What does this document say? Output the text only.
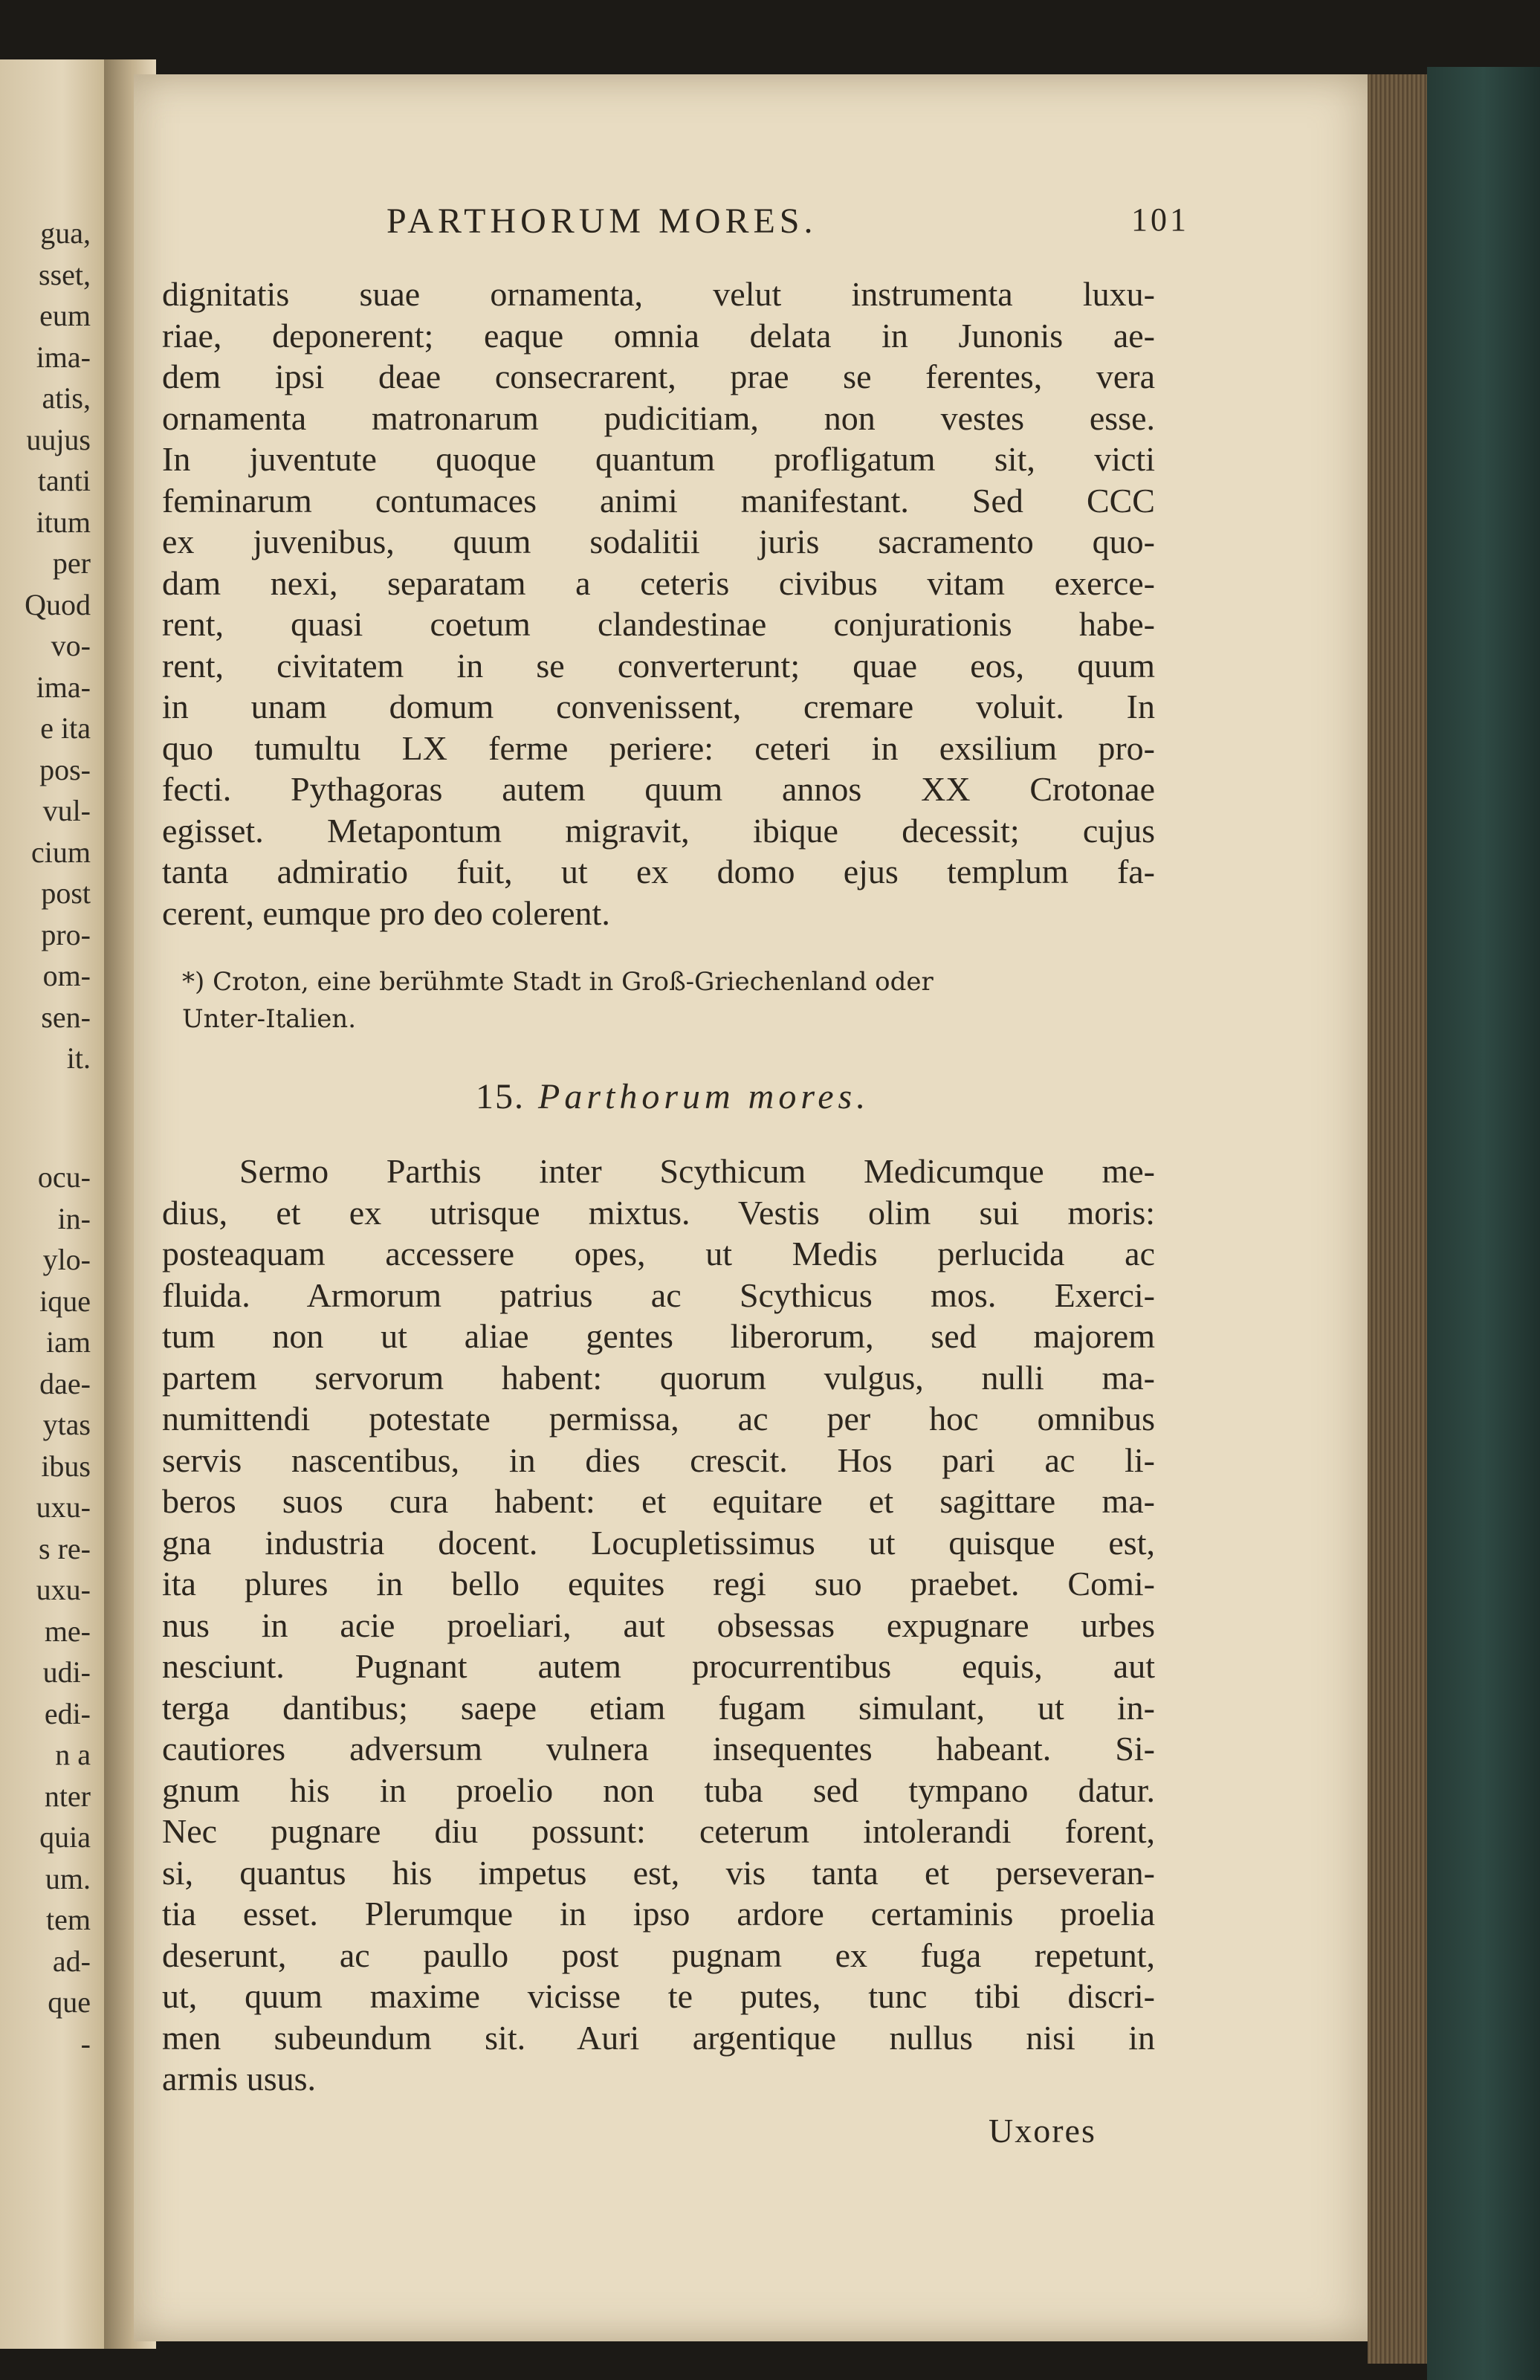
gua,
sset,
eum
ima-
atis,
uujus
tanti
itum
per
Quod
vo-
ima-
e ita
pos-
vul-
cium
post
pro-
om-
sen-
it.
ocu-
in-
ylo-
ique
iam
dae-
ytas
ibus
uxu-
s re-
uxu-
me-
udi-
edi-
n a
nter
quia
um.
tem
ad-
que
-
PARTHORUM MORES.	101
dignitatis suae ornamenta, velut instrumenta luxu-
riae, deponerent; eaque omnia delata in Junonis ae-
dem ipsi deae consecrarent, prae se ferentes, vera
ornamenta matronarum pudicitiam, non vestes esse.
In juventute quoque quantum profligatum sit, victi
feminarum contumaces animi manifestant. Sed CCC
ex juvenibus, quum sodalitii juris sacramento quo-
dam nexi, separatam a ceteris civibus vitam exerce-
rent, quasi coetum clandestinae conjurationis habe-
rent, civitatem in se converterunt; quae eos, quum
in unam domum convenissent, cremare voluit. In
quo tumultu LX ferme periere: ceteri in exsilium pro-
fecti. Pythagoras autem quum annos XX Crotonae
egisset. Metapontum migravit, ibique decessit; cujus
tanta admiratio fuit, ut ex domo ejus templum fa-
cerent, eumque pro deo colerent.
*) Croton, eine berühmte Stadt in Groß-Griechenland oder
Unter-Italien.
15. Parthorum mores.
Sermo Parthis inter Scythicum Medicumque me-
dius, et ex utrisque mixtus. Vestis olim sui moris:
posteaquam accessere opes, ut Medis perlucida ac
fluida. Armorum patrius ac Scythicus mos. Exerci-
tum non ut aliae gentes liberorum, sed majorem
partem servorum habent: quorum vulgus, nulli ma-
numittendi potestate permissa, ac per hoc omnibus
servis nascentibus, in dies crescit. Hos pari ac li-
beros suos cura habent: et equitare et sagittare ma-
gna industria docent. Locupletissimus ut quisque est,
ita plures in bello equites regi suo praebet. Comi-
nus in acie proeliari, aut obsessas expugnare urbes
nesciunt. Pugnant autem procurrentibus equis, aut
terga dantibus; saepe etiam fugam simulant, ut in-
cautiores adversum vulnera insequentes habeant. Si-
gnum his in proelio non tuba sed tympano datur.
Nec pugnare diu possunt: ceterum intolerandi forent,
si, quantus his impetus est, vis tanta et perseveran-
tia esset. Plerumque in ipso ardore certaminis proelia
deserunt, ac paullo post pugnam ex fuga repetunt,
ut, quum maxime vicisse te putes, tunc tibi discri-
men subeundum sit. Auri argentique nullus nisi in
armis usus.
Uxores
